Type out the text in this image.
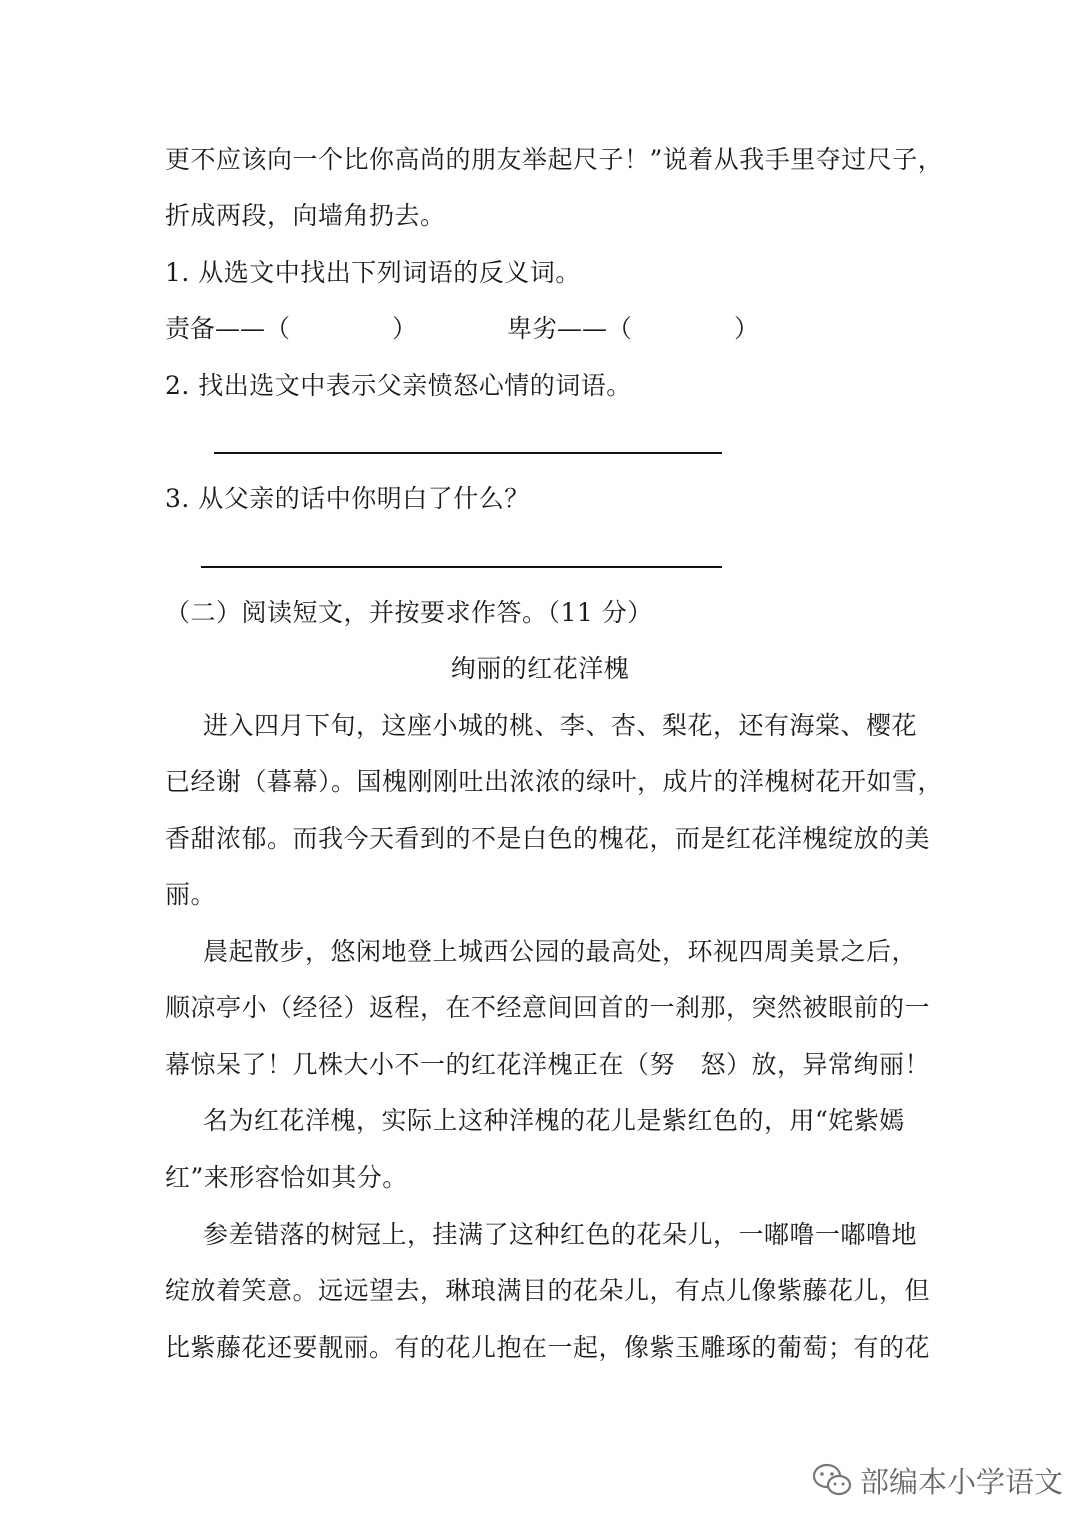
更不应该向一个比你高尚的朋友举起尺子！”说着从我手里夺过尺子，
折成两段，向墙角扔去。
1. 从选文中找出下列词语的反义词。
责备——（	）	卑劣——（	）
2. 找出选文中表示父亲愤怒心情的词语。
3. 从父亲的话中你明白了什么？
（二）阅读短文，并按要求作答。（11 分）
绚丽的红花洋槐
进入四月下旬，这座小城的桃、李、杏、梨花，还有海棠、樱花
已经谢（暮幕）。国槐刚刚吐出浓浓的绿叶，成片的洋槐树花开如雪，
香甜浓郁。而我今天看到的不是白色的槐花，而是红花洋槐绽放的美
丽。
晨起散步，悠闲地登上城西公园的最高处，环视四周美景之后，
顺凉亭小（经径）返程，在不经意间回首的一刹那，突然被眼前的一
幕惊呆了！几株大小不一的红花洋槐正在（努　怒）放，异常绚丽！
名为红花洋槐，实际上这种洋槐的花儿是紫红色的，用“姹紫嫣
红”来形容恰如其分。
参差错落的树冠上，挂满了这种红色的花朵儿，一嘟噜一嘟噜地
绽放着笑意。远远望去，琳琅满目的花朵儿，有点儿像紫藤花儿，但
比紫藤花还要靓丽。有的花儿抱在一起，像紫玉雕琢的葡萄；有的花
部编本小学语文
